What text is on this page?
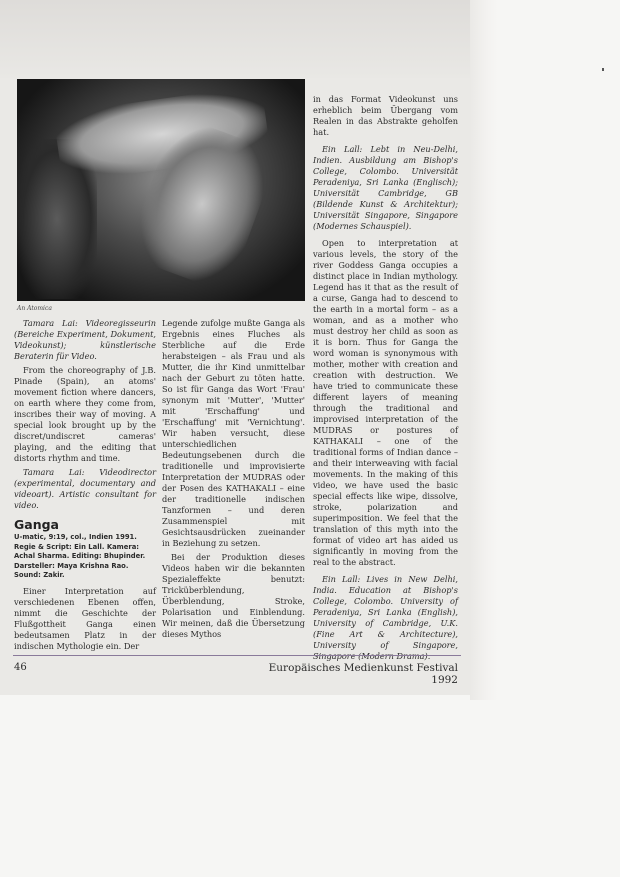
An Atomica

Tamara Lai: Videoregisseurin (Bereiche Experiment, Dokument, Videokunst); künstlerische Beraterin für Video.

From the choreography of J.B. Pinade (Spain), an atoms' movement fiction where dancers, on earth where they come from, inscribes their way of moving. A special look brought up by the discret/undiscret cameras' playing, and the editing that distorts rhythm and time.

Tamara Lai: Videodirector (experimental, documentary and videoart). Artistic consultant for video.

Ganga
U-matic, 9:19, col., Indien 1991. Regie & Script: Ein Lall. Kamera: Achal Sharma. Editing: Bhupinder. Darsteller: Maya Krishna Rao. Sound: Zakir.

Einer Interpretation auf verschiedenen Ebenen offen, nimmt die Geschichte der Flußgottheit Ganga einen bedeutsamen Platz in der indischen Mythologie ein. Der

Legende zufolge mußte Ganga als Ergebnis eines Fluches als Sterbliche auf die Erde herabsteigen – als Frau und als Mutter, die ihr Kind unmittelbar nach der Geburt zu töten hatte. So ist für Ganga das Wort 'Frau' synonym mit 'Mutter', 'Mutter' mit 'Erschaffung' und 'Erschaffung' mit 'Vernichtung'. Wir haben versucht, diese unterschiedlichen Bedeutungsebenen durch die traditionelle und improvisierte Interpretation der MUDRAS oder der Posen des KATHAKALI – eine der traditionelle indischen Tanzformen – und deren Zusammenspiel mit Gesichtsausdrücken zueinander in Beziehung zu setzen.

Bei der Produktion dieses Videos haben wir die bekannten Spezialeffekte benutzt: Tricküberblendung, Überblendung, Stroke, Polarisation und Einblendung. Wir meinen, daß die Übersetzung dieses Mythos

in das Format Videokunst uns erheblich beim Übergang vom Realen in das Abstrakte geholfen hat.

Ein Lall: Lebt in Neu-Delhi, Indien. Ausbildung am Bishop's College, Colombo. Universität Peradeniya, Sri Lanka (Englisch); Universität Cambridge, GB (Bildende Kunst & Architektur); Universität Singapore, Singapore (Modernes Schauspiel).

Open to interpretation at various levels, the story of the river Goddess Ganga occupies a distinct place in Indian mythology. Legend has it that as the result of a curse, Ganga had to descend to the earth in a mortal form – as a woman, and as a mother who must destroy her child as soon as it is born. Thus for Ganga the word woman is synonymous with mother, mother with creation and creation with destruction. We have tried to communicate these different layers of meaning through the traditional and improvised interpretation of the MUDRAS or postures of KATHAKALI – one of the traditional forms of Indian dance – and their interweaving with facial movements. In the making of this video, we have used the basic special effects like wipe, dissolve, stroke, polarization and superimposition. We feel that the translation of this myth into the format of video art has aided us significantly in moving from the real to the abstract.

Ein Lall: Lives in New Delhi, India. Education at Bishop's College, Colombo. University of Peradeniya, Sri Lanka (English), University of Cambridge, U.K. (Fine Art & Architecture), University of Singapore, Singapore (Modern Drama).

46	Europäisches Medienkunst Festival 1992
